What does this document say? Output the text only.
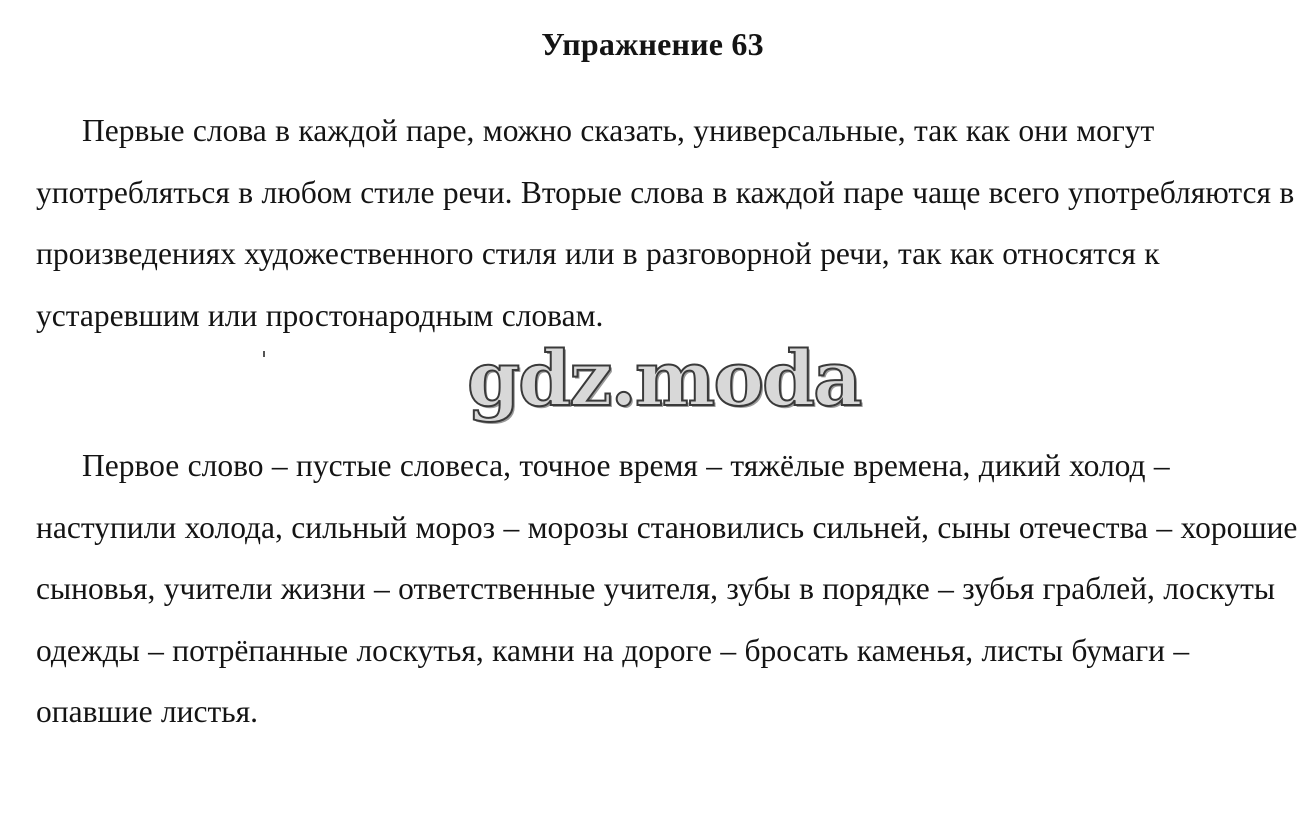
Упражнение 63

Первые слова в каждой паре, можно сказать, универсальные, так как они могут употребляться в любом стиле речи. Вторые слова в каждой паре чаще всего употребляются в произведениях художественного стиля или в разговорной речи, так как относятся к устаревшим или простонародным словам.

gdz.moda

Первое слово – пустые словеса, точное время – тяжёлые времена, дикий холод – наступили холода, сильный мороз – морозы становились сильней, сыны отечества – хорошие сыновья, учители жизни – ответственные учителя, зубы в порядке – зубья граблей, лоскуты одежды – потрёпанные лоскутья, камни на дороге – бросать каменья, листы бумаги – опавшие листья.
